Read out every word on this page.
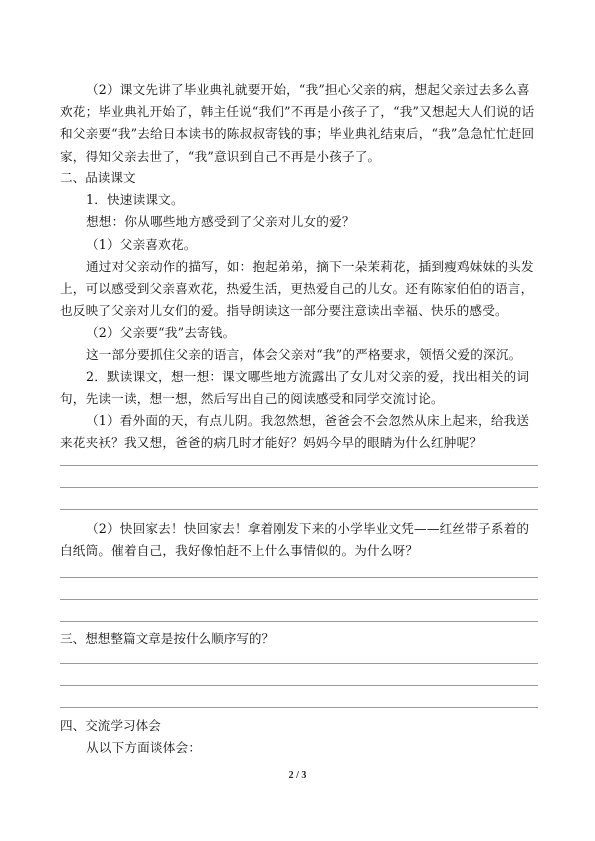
（2）课文先讲了毕业典礼就要开始，“我”担心父亲的病，想起父亲过去多么喜欢花；毕业典礼开始了，韩主任说“我们”不再是小孩子了，“我”又想起大人们说的话和父亲要“我”去给日本读书的陈叔叔寄钱的事；毕业典礼结束后，“我”急急忙忙赶回家，得知父亲去世了，“我”意识到自己不再是小孩子了。

二、品读课文

1．快速读课文。

想想：你从哪些地方感受到了父亲对儿女的爱？

（1）父亲喜欢花。

通过对父亲动作的描写，如：抱起弟弟，摘下一朵茉莉花，插到瘦鸡妹妹的头发上，可以感受到父亲喜欢花，热爱生活，更热爱自己的儿女。还有陈家伯伯的语言，也反映了父亲对儿女们的爱。指导朗读这一部分要注意读出幸福、快乐的感受。

（2）父亲要“我”去寄钱。

这一部分要抓住父亲的语言，体会父亲对“我”的严格要求，领悟父爱的深沉。

2．默读课文，想一想：课文哪些地方流露出了女儿对父亲的爱，找出相关的词句，先读一读，想一想，然后写出自己的阅读感受和同学交流讨论。

（1）看外面的天，有点儿阴。我忽然想，爸爸会不会忽然从床上起来，给我送来花夹袄？我又想，爸爸的病几时才能好？妈妈今早的眼睛为什么红肿呢？

（2）快回家去！快回家去！拿着刚发下来的小学毕业文凭——红丝带子系着的白纸筒。催着自己，我好像怕赶不上什么事情似的。为什么呀？

三、想想整篇文章是按什么顺序写的？

四、交流学习体会

从以下方面谈体会：

2 / 3
